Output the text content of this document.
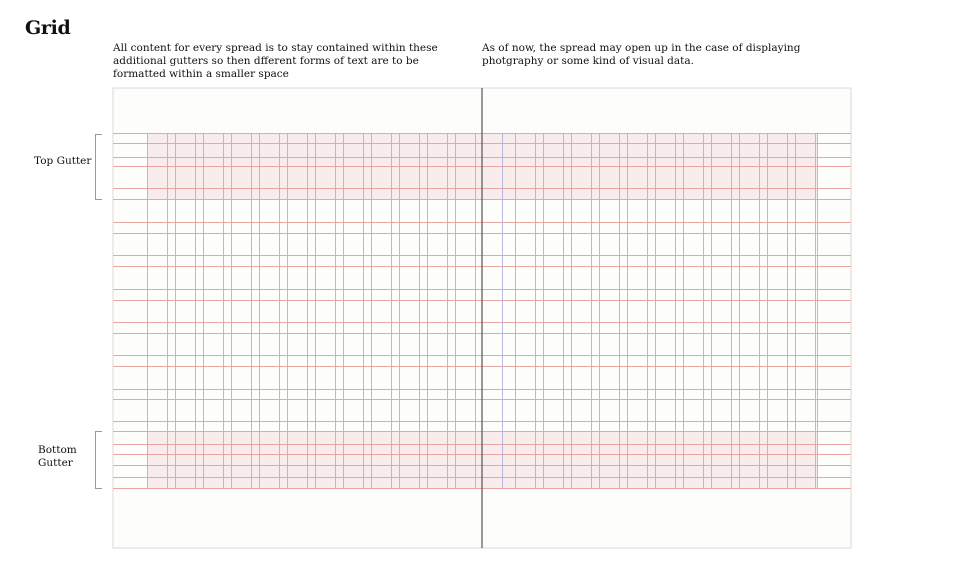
Grid
All content for every spread is to stay contained within these additional gutters so then dfferent forms of text are to be formatted within a smaller space
As of now, the spread may open up in the case of displaying photgraphy or some kind of visual data.
Top Gutter
Bottom Gutter
